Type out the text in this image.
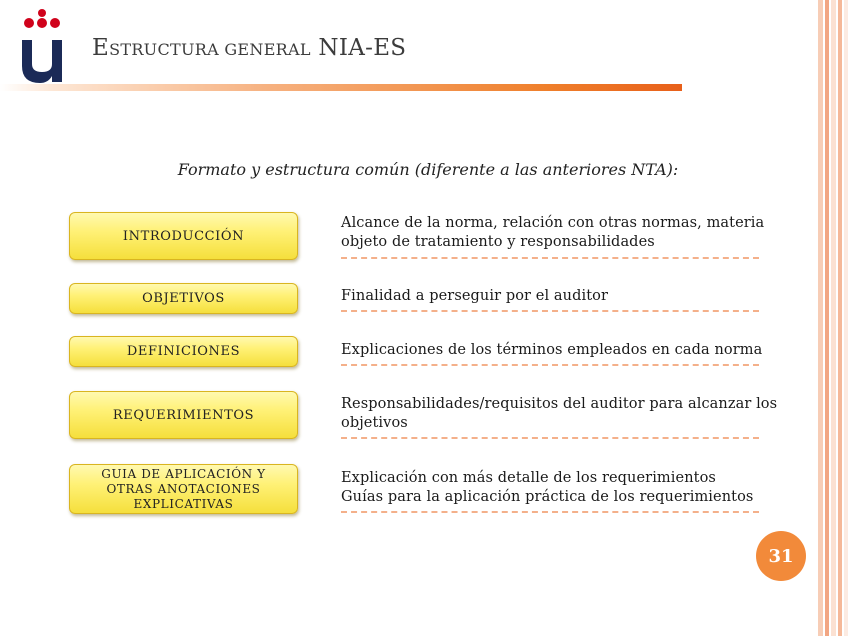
ESTRUCTURA GENERAL NIA-ES
Formato y estructura común (diferente a las anteriores NTA):
INTRODUCCIÓN
OBJETIVOS
DEFINICIONES
REQUERIMIENTOS
GUIA DE APLICACIÓN Y
OTRAS ANOTACIONES
EXPLICATIVAS
Alcance de la norma, relación con otras normas, materia
objeto de tratamiento y responsabilidades
Finalidad a perseguir por el auditor
Explicaciones de los términos empleados en cada norma
Responsabilidades/requisitos del auditor para alcanzar los
objetivos
Explicación con más detalle de los requerimientos
Guías para la aplicación práctica de los requerimientos
31
